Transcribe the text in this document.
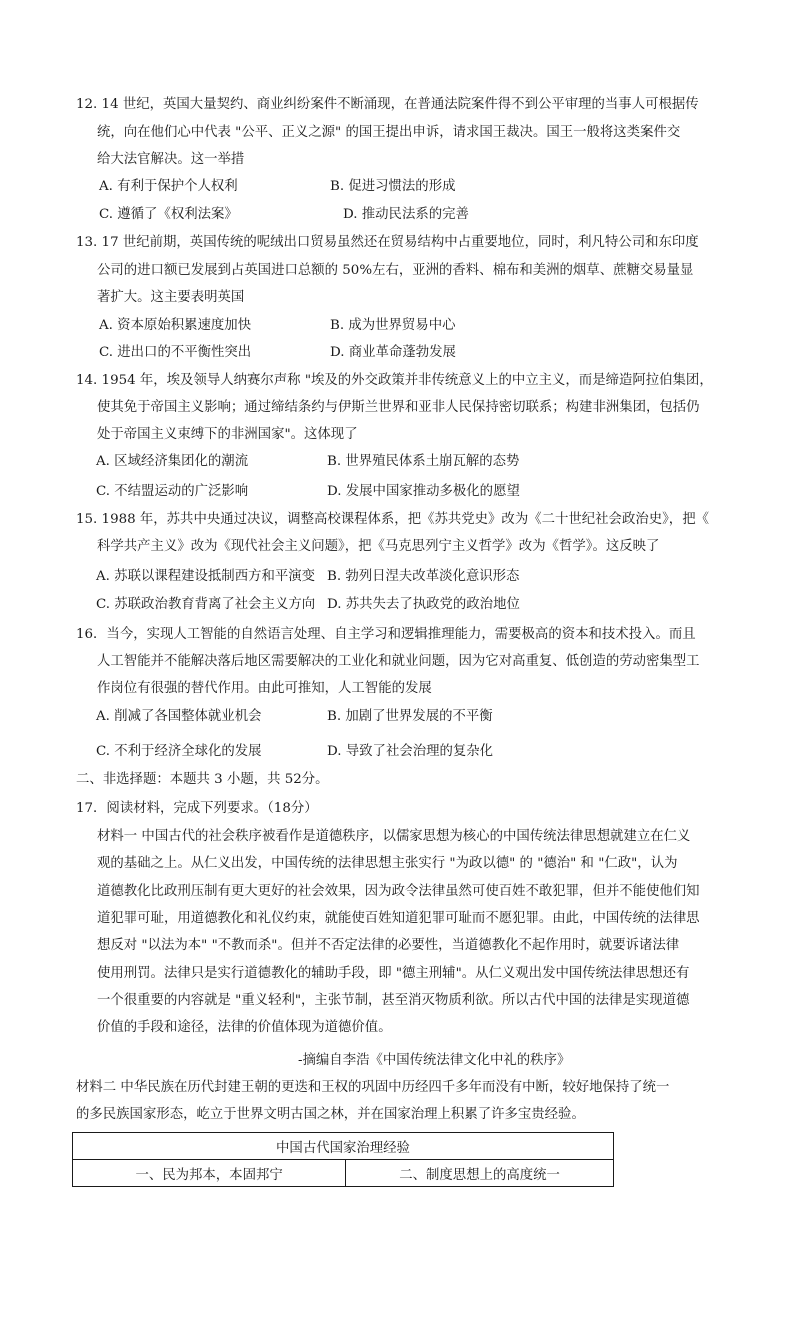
12. 14 世纪，英国大量契约、商业纠纷案件不断涌现，在普通法院案件得不到公平审理的当事人可根据传
统，向在他们心中代表 "公平、正义之源" 的国王提出申诉，请求国王裁决。国王一般将这类案件交
给大法官解决。这一举措
A. 有利于保护个人权利	B. 促进习惯法的形成
C. 遵循了《权利法案》	D. 推动民法系的完善
13. 17 世纪前期，英国传统的呢绒出口贸易虽然还在贸易结构中占重要地位，同时，利凡特公司和东印度
公司的进口额已发展到占英国进口总额的 50%左右，亚洲的香料、棉布和美洲的烟草、蔗糖交易量显
著扩大。这主要表明英国
A. 资本原始积累速度加快	B. 成为世界贸易中心
C. 进出口的不平衡性突出	D. 商业革命蓬勃发展
14. 1954 年，埃及领导人纳赛尔声称 "埃及的外交政策并非传统意义上的中立主义，而是缔造阿拉伯集团，
使其免于帝国主义影响；通过缔结条约与伊斯兰世界和亚非人民保持密切联系；构建非洲集团，包括仍
处于帝国主义束缚下的非洲国家"。这体现了
A. 区域经济集团化的潮流	B. 世界殖民体系土崩瓦解的态势
C. 不结盟运动的广泛影响	D. 发展中国家推动多极化的愿望
15. 1988 年，苏共中央通过决议，调整高校课程体系，把《苏共党史》改为《二十世纪社会政治史》，把《
科学共产主义》改为《现代社会主义问题》，把《马克思列宁主义哲学》改为《哲学》。这反映了
A. 苏联以课程建设抵制西方和平演变 B. 勃列日涅夫改革淡化意识形态
C. 苏联政治教育背离了社会主义方向 D. 苏共失去了执政党的政治地位
16．当今，实现人工智能的自然语言处理、自主学习和逻辑推理能力，需要极高的资本和技术投入。而且
人工智能并不能解决落后地区需要解决的工业化和就业问题，因为它对高重复、低创造的劳动密集型工
作岗位有很强的替代作用。由此可推知，人工智能的发展
A. 削减了各国整体就业机会	B. 加剧了世界发展的不平衡
C. 不利于经济全球化的发展	D. 导致了社会治理的复杂化
二、非选择题：本题共 3 小题，共 52分。
17．阅读材料，完成下列要求。（18分）
材料一 中国古代的社会秩序被看作是道德秩序，以儒家思想为核心的中国传统法律思想就建立在仁义
观的基础之上。从仁义出发，中国传统的法律思想主张实行 "为政以德" 的 "德治" 和 "仁政"，认为
道德教化比政刑压制有更大更好的社会效果，因为政令法律虽然可使百姓不敢犯罪，但并不能使他们知
道犯罪可耻，用道德教化和礼仪约束，就能使百姓知道犯罪可耻而不愿犯罪。由此，中国传统的法律思
想反对 "以法为本" "不教而杀"。但并不否定法律的必要性，当道德教化不起作用时，就要诉诸法律
使用刑罚。法律只是实行道德教化的辅助手段，即 "德主刑辅"。从仁义观出发中国传统法律思想还有
一个很重要的内容就是 "重义轻利"，主张节制，甚至消灭物质利欲。所以古代中国的法律是实现道德
价值的手段和途径，法律的价值体现为道德价值。
-摘编自李浩《中国传统法律文化中礼的秩序》
材料二 中华民族在历代封建王朝的更迭和王权的巩固中历经四千多年而没有中断，较好地保持了统一
的多民族国家形态，屹立于世界文明古国之林，并在国家治理上积累了许多宝贵经验。
中国古代国家治理经验
一、民为邦本，本固邦宁	二、制度思想上的高度统一
